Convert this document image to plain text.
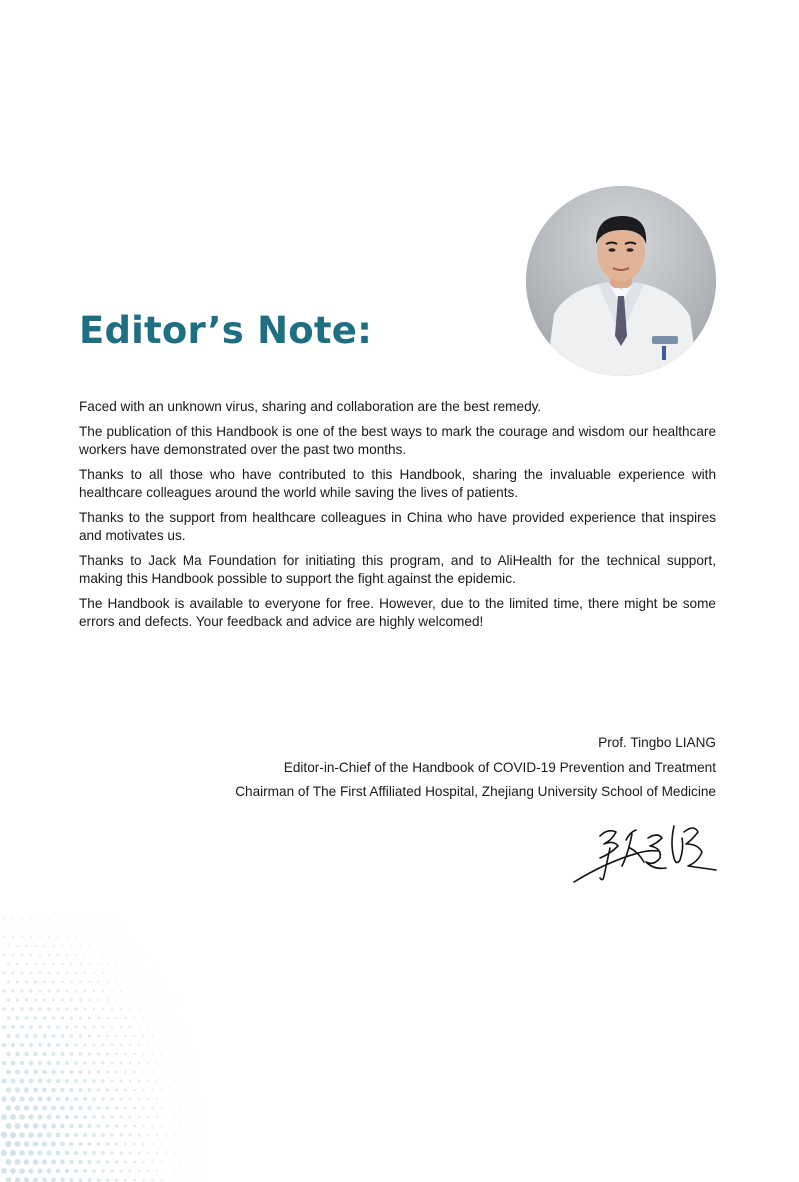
Editor’s Note:

Faced with an unknown virus, sharing and collaboration are the best remedy.

The publication of this Handbook is one of the best ways to mark the courage and wisdom our healthcare workers have demonstrated over the past two months.

Thanks to all those who have contributed to this Handbook, sharing the invaluable experience with healthcare colleagues around the world while saving the lives of patients.

Thanks to the support from healthcare colleagues in China who have provided experience that inspires and motivates us.

Thanks to Jack Ma Foundation for initiating this program, and to AliHealth for the technical support, making this Handbook possible to support the fight against the epidemic.

The Handbook is available to everyone for free. However, due to the limited time, there might be some errors and defects. Your feedback and advice are highly welcomed!

Prof. Tingbo LIANG
Editor-in-Chief of the Handbook of COVID-19 Prevention and Treatment
Chairman of The First Affiliated Hospital, Zhejiang University School of Medicine
